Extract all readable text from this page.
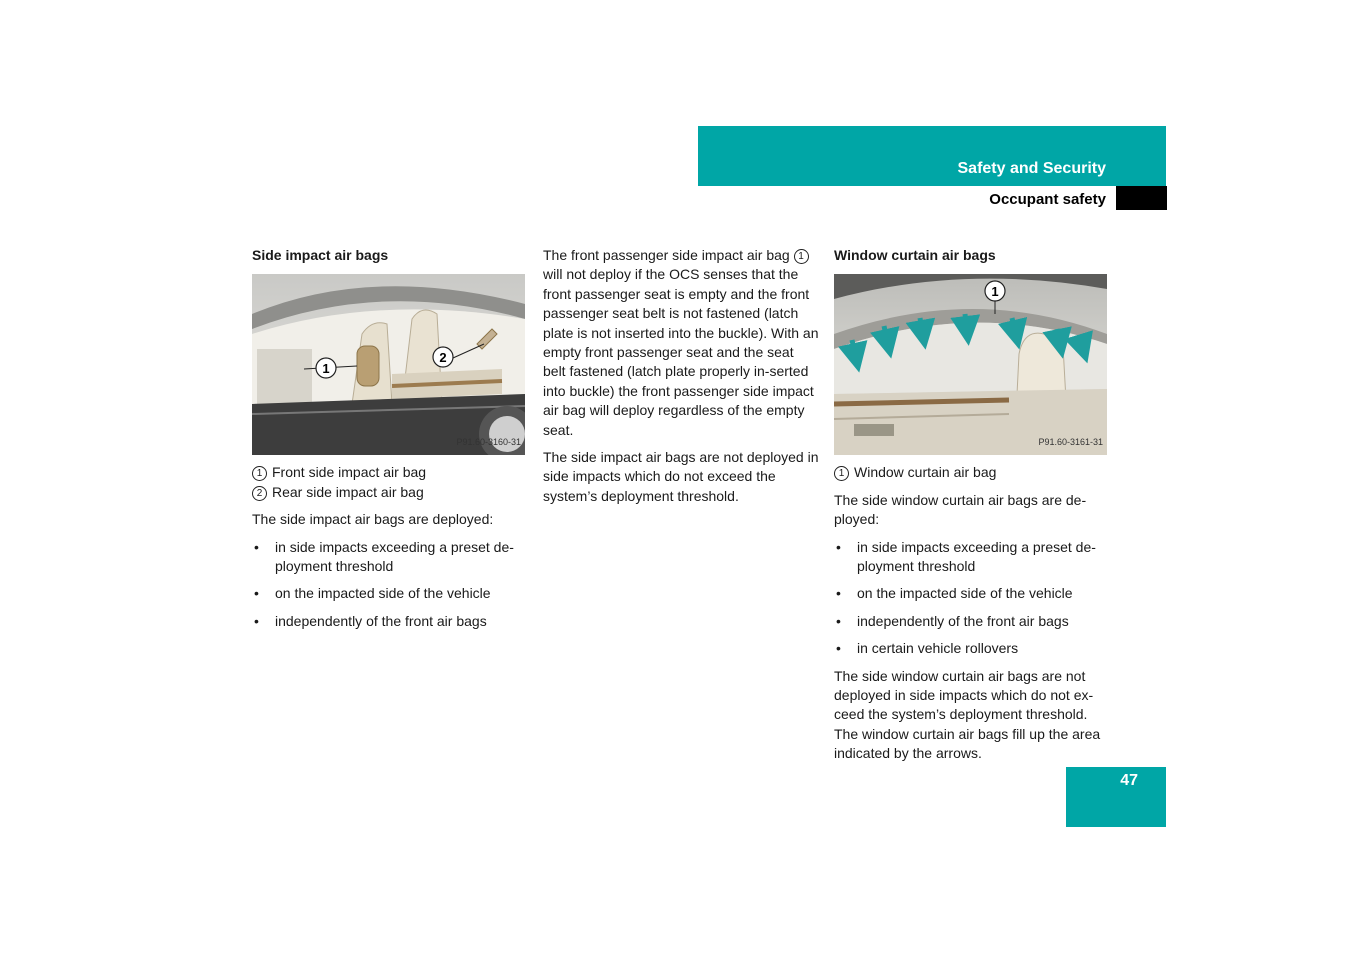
Safety and Security
Occupant safety
Side impact air bags
1
2
P91.60-3160-31
1 Front side impact air bag
2 Rear side impact air bag

The side impact air bags are deployed:

• in side impacts exceeding a preset de-ployment threshold
• on the impacted side of the vehicle
• independently of the front air bags

The front passenger side impact air bag 1 will not deploy if the OCS senses that the front passenger seat is empty and the front passenger seat belt is not fastened (latch plate is not inserted into the buckle). With an empty front passenger seat and the seat belt fastened (latch plate properly in-serted into buckle) the front passenger side impact air bag will deploy regardless of the empty seat.

The side impact air bags are not deployed in side impacts which do not exceed the system’s deployment threshold.

Window curtain air bags
1
P91.60-3161-31
1 Window curtain air bag

The side window curtain air bags are de-ployed:

• in side impacts exceeding a preset de-ployment threshold
• on the impacted side of the vehicle
• independently of the front air bags
• in certain vehicle rollovers

The side window curtain air bags are not deployed in side impacts which do not ex-ceed the system’s deployment threshold. The window curtain air bags fill up the area indicated by the arrows.

47
